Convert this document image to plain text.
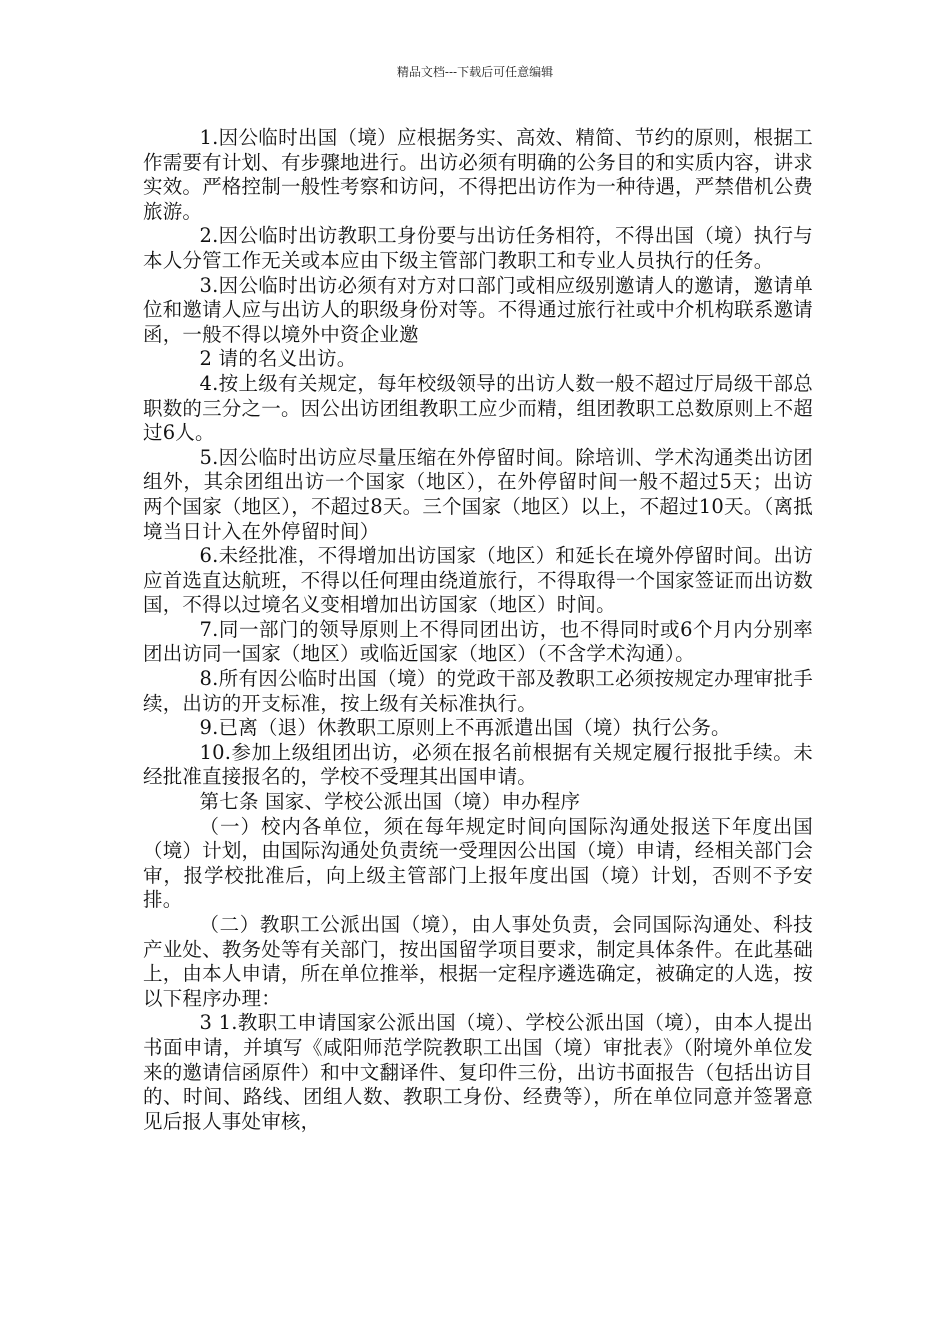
精品文档---下载后可任意编辑

1.因公临时出国（境）应根据务实、高效、精简、节约的原则，根据工作需要有计划、有步骤地进行。出访必须有明确的公务目的和实质内容，讲求实效。严格控制一般性考察和访问，不得把出访作为一种待遇，严禁借机公费旅游。

2.因公临时出访教职工身份要与出访任务相符，不得出国（境）执行与本人分管工作无关或本应由下级主管部门教职工和专业人员执行的任务。

3.因公临时出访必须有对方对口部门或相应级别邀请人的邀请，邀请单位和邀请人应与出访人的职级身份对等。不得通过旅行社或中介机构联系邀请函，一般不得以境外中资企业邀

2 请的名义出访。

4.按上级有关规定，每年校级领导的出访人数一般不超过厅局级干部总职数的三分之一。因公出访团组教职工应少而精，组团教职工总数原则上不超过6人。

5.因公临时出访应尽量压缩在外停留时间。除培训、学术沟通类出访团组外，其余团组出访一个国家（地区），在外停留时间一般不超过5天；出访两个国家（地区），不超过8天。三个国家（地区）以上，不超过10天。（离抵境当日计入在外停留时间）

6.未经批准，不得增加出访国家（地区）和延长在境外停留时间。出访应首选直达航班，不得以任何理由绕道旅行，不得取得一个国家签证而出访数国，不得以过境名义变相增加出访国家（地区）时间。

7.同一部门的领导原则上不得同团出访，也不得同时或6个月内分别率团出访同一国家（地区）或临近国家（地区）（不含学术沟通）。

8.所有因公临时出国（境）的党政干部及教职工必须按规定办理审批手续，出访的开支标准，按上级有关标准执行。

9.已离（退）休教职工原则上不再派遣出国（境）执行公务。

10.参加上级组团出访，必须在报名前根据有关规定履行报批手续。未经批准直接报名的，学校不受理其出国申请。

第七条 国家、学校公派出国（境）申办程序

（一）校内各单位，须在每年规定时间向国际沟通处报送下年度出国（境）计划，由国际沟通处负责统一受理因公出国（境）申请，经相关部门会审，报学校批准后，向上级主管部门上报年度出国（境）计划，否则不予安排。

（二）教职工公派出国（境），由人事处负责，会同国际沟通处、科技产业处、教务处等有关部门，按出国留学项目要求，制定具体条件。在此基础上，由本人申请，所在单位推举，根据一定程序遴选确定，被确定的人选，按以下程序办理：

3 1.教职工申请国家公派出国（境）、学校公派出国（境），由本人提出书面申请，并填写《咸阳师范学院教职工出国（境）审批表》（附境外单位发来的邀请信函原件）和中文翻译件、复印件三份，出访书面报告（包括出访目的、时间、路线、团组人数、教职工身份、经费等），所在单位同意并签署意见后报人事处审核，
